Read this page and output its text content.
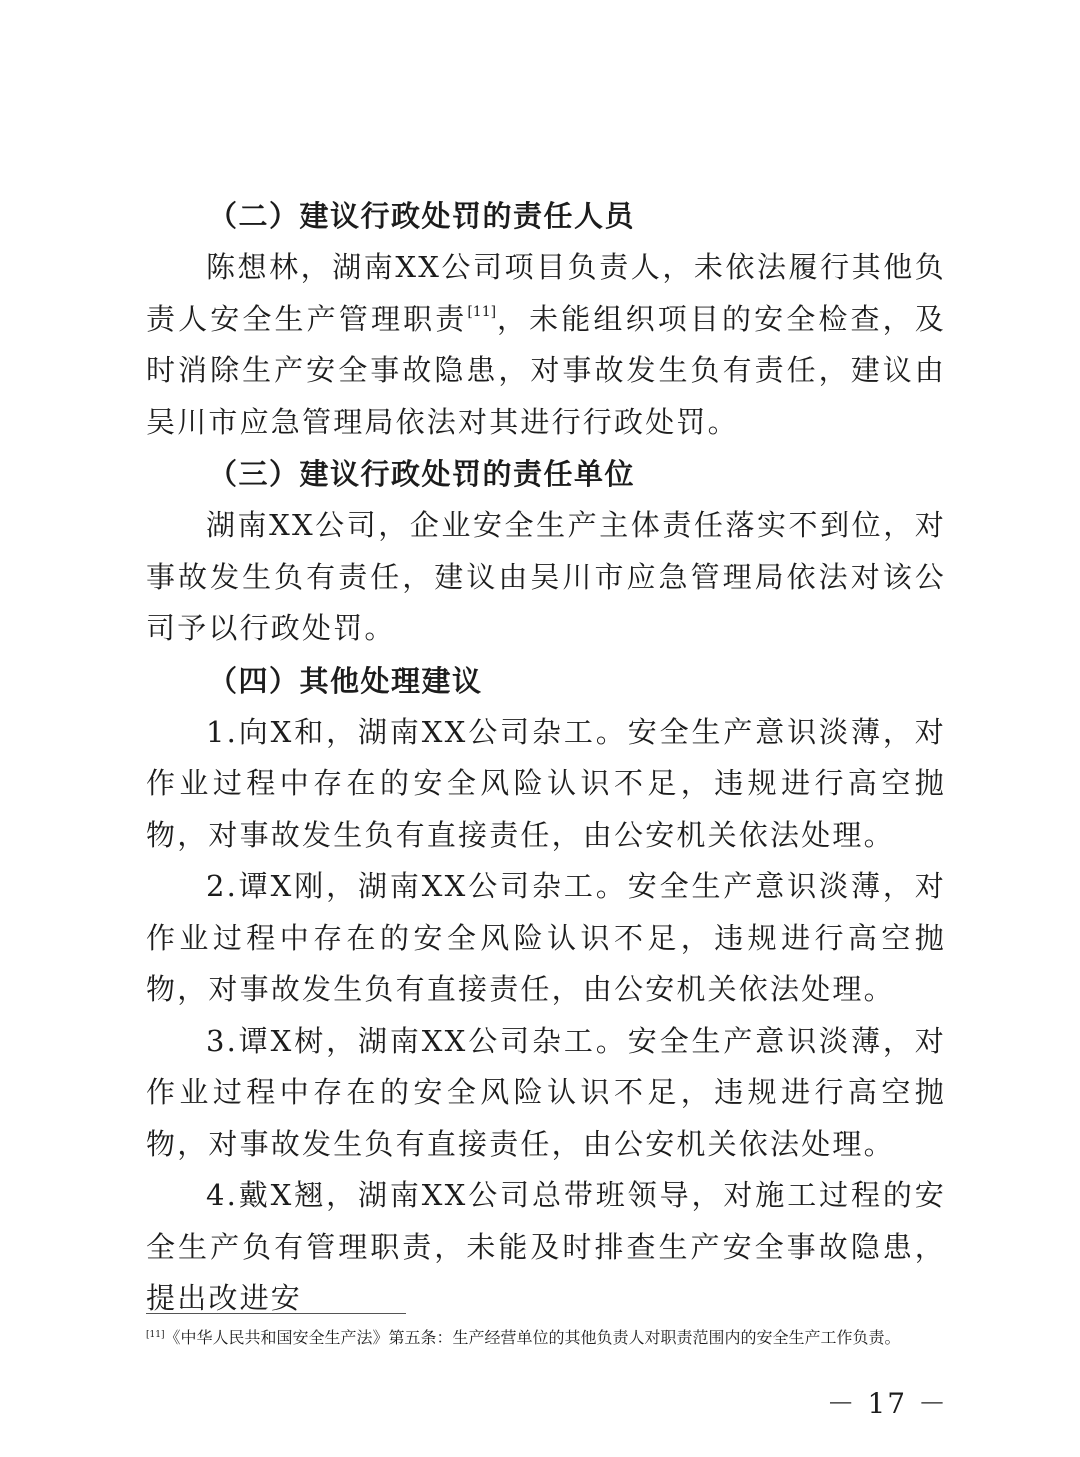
（二）建议行政处罚的责任人员

陈想林，湖南XX公司项目负责人，未依法履行其他负责人安全生产管理职责[11]，未能组织项目的安全检查，及时消除生产安全事故隐患，对事故发生负有责任，建议由吴川市应急管理局依法对其进行行政处罚。

（三）建议行政处罚的责任单位

湖南XX公司，企业安全生产主体责任落实不到位，对事故发生负有责任，建议由吴川市应急管理局依法对该公司予以行政处罚。

（四）其他处理建议

1.向X和，湖南XX公司杂工。安全生产意识淡薄，对作业过程中存在的安全风险认识不足，违规进行高空抛物，对事故发生负有直接责任，由公安机关依法处理。

2.谭X刚，湖南XX公司杂工。安全生产意识淡薄，对作业过程中存在的安全风险认识不足，违规进行高空抛物，对事故发生负有直接责任，由公安机关依法处理。

3.谭X树，湖南XX公司杂工。安全生产意识淡薄，对作业过程中存在的安全风险认识不足，违规进行高空抛物，对事故发生负有直接责任，由公安机关依法处理。

4.戴X翘，湖南XX公司总带班领导，对施工过程的安全生产负有管理职责，未能及时排查生产安全事故隐患，提出改进安

[11]《中华人民共和国安全生产法》第五条：生产经营单位的其他负责人对职责范围内的安全生产工作负责。
－ 17 －
